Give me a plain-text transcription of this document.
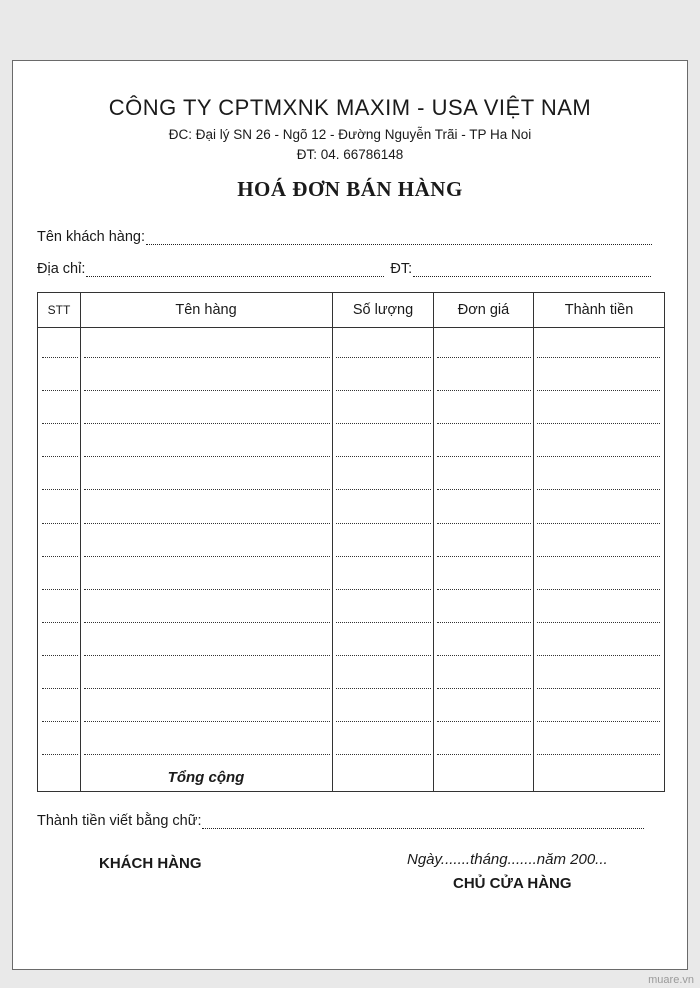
CÔNG TY CPTMXNK MAXIM - USA VIỆT NAM
ĐC: Đại lý SN 26 - Ngõ 12 - Đường Nguyễn Trãi - TP Ha Noi
ĐT: 04. 66786148
HOÁ ĐƠN BÁN HÀNG
Tên khách hàng:
Địa chỉ:	ĐT:
STT	Tên hàng	Số lượng	Đơn giá	Thành tiền
Tổng cộng
Thành tiền viết bằng chữ:
KHÁCH HÀNG	Ngày.......tháng.......năm 200...
CHỦ CỬA HÀNG
muare.vn
